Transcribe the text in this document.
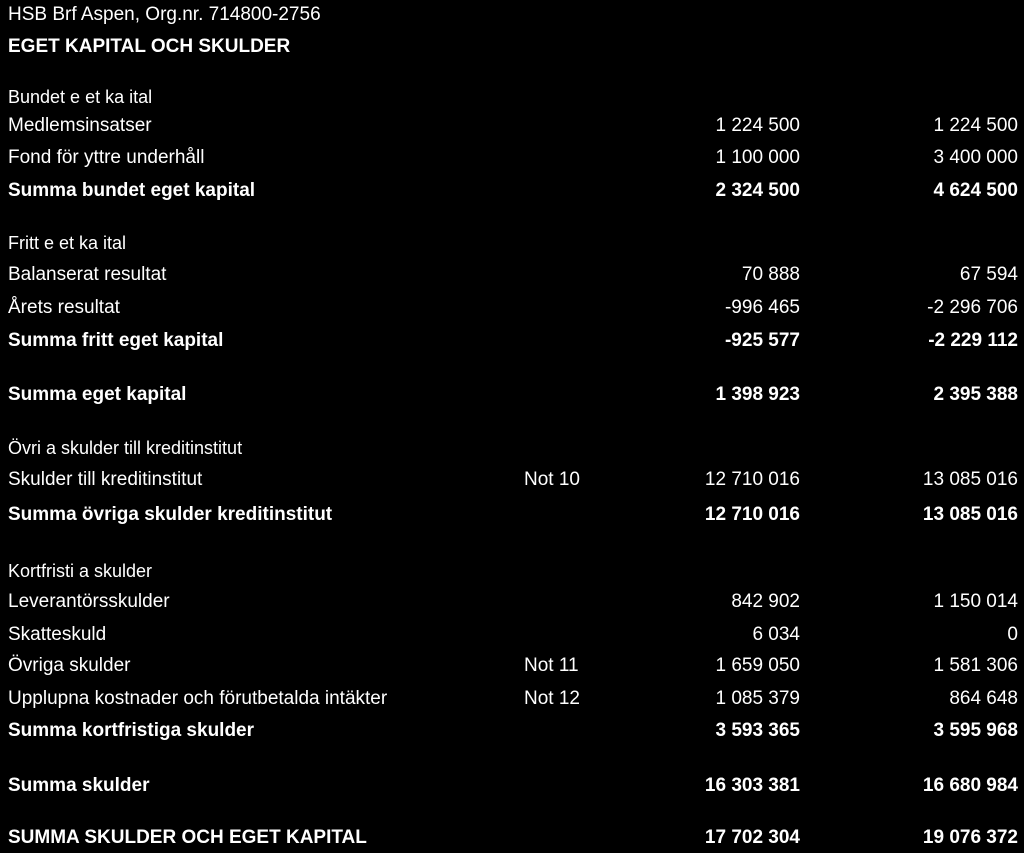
HSB Brf Aspen, Org.nr. 714800-2756
EGET KAPITAL OCH SKULDER
Bundet e et ka ital
Medlemsinsatser	1 224 500	1 224 500
Fond för yttre underhåll	1 100 000	3 400 000
Summa bundet eget kapital	2 324 500	4 624 500
Fritt e et ka ital
Balanserat resultat	70 888	67 594
Årets resultat	-996 465	-2 296 706
Summa fritt eget kapital	-925 577	-2 229 112
Summa eget kapital	1 398 923	2 395 388
Övri a skulder till kreditinstitut
Skulder till kreditinstitut	Not 10	12 710 016	13 085 016
Summa övriga skulder kreditinstitut	12 710 016	13 085 016
Kortfristi a skulder
Leverantörsskulder	842 902	1 150 014
Skatteskuld	6 034	0
Övriga skulder	Not 11	1 659 050	1 581 306
Upplupna kostnader och förutbetalda intäkter	Not 12	1 085 379	864 648
Summa kortfristiga skulder	3 593 365	3 595 968
Summa skulder	16 303 381	16 680 984
SUMMA SKULDER OCH EGET KAPITAL	17 702 304	19 076 372
